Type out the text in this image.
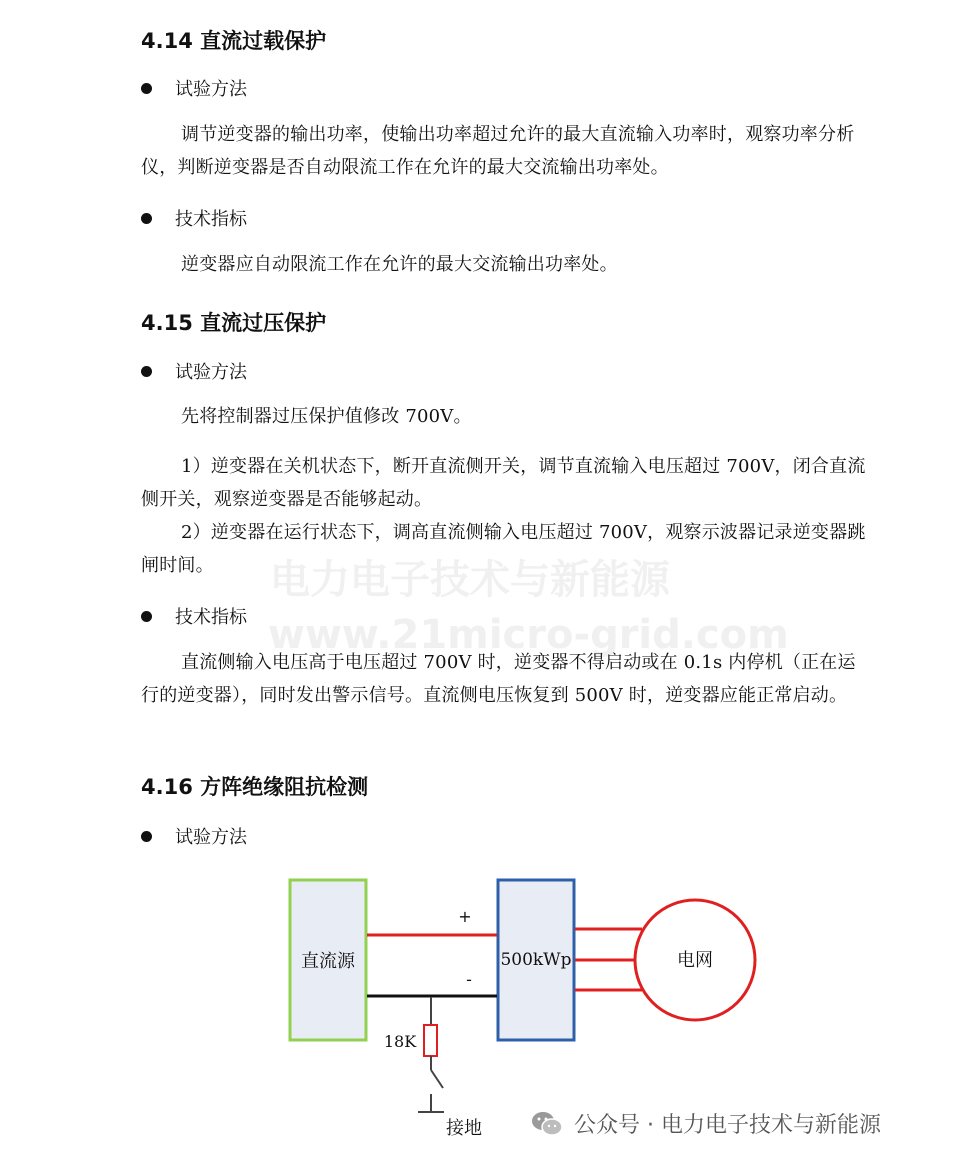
电力电子技术与新能源
www.21micro-grid.com
4.14 直流过载保护
试验方法
调节逆变器的输出功率，使输出功率超过允许的最大直流输入功率时，观察功率分析仪，判断逆变器是否自动限流工作在允许的最大交流输出功率处。
技术指标
逆变器应自动限流工作在允许的最大交流输出功率处。
4.15 直流过压保护
试验方法
先将控制器过压保护值修改 700V。
1）逆变器在关机状态下，断开直流侧开关，调节直流输入电压超过 700V，闭合直流侧开关，观察逆变器是否能够起动。
2）逆变器在运行状态下，调高直流侧输入电压超过 700V，观察示波器记录逆变器跳闸时间。
技术指标
直流侧输入电压高于电压超过 700V 时，逆变器不得启动或在 0.1s 内停机（正在运行的逆变器），同时发出警示信号。直流侧电压恢复到 500V 时，逆变器应能正常启动。
4.16 方阵绝缘阻抗检测
试验方法
直流源	500kWp
+
-
电网
18K
接地	公众号 · 电力电子技术与新能源
